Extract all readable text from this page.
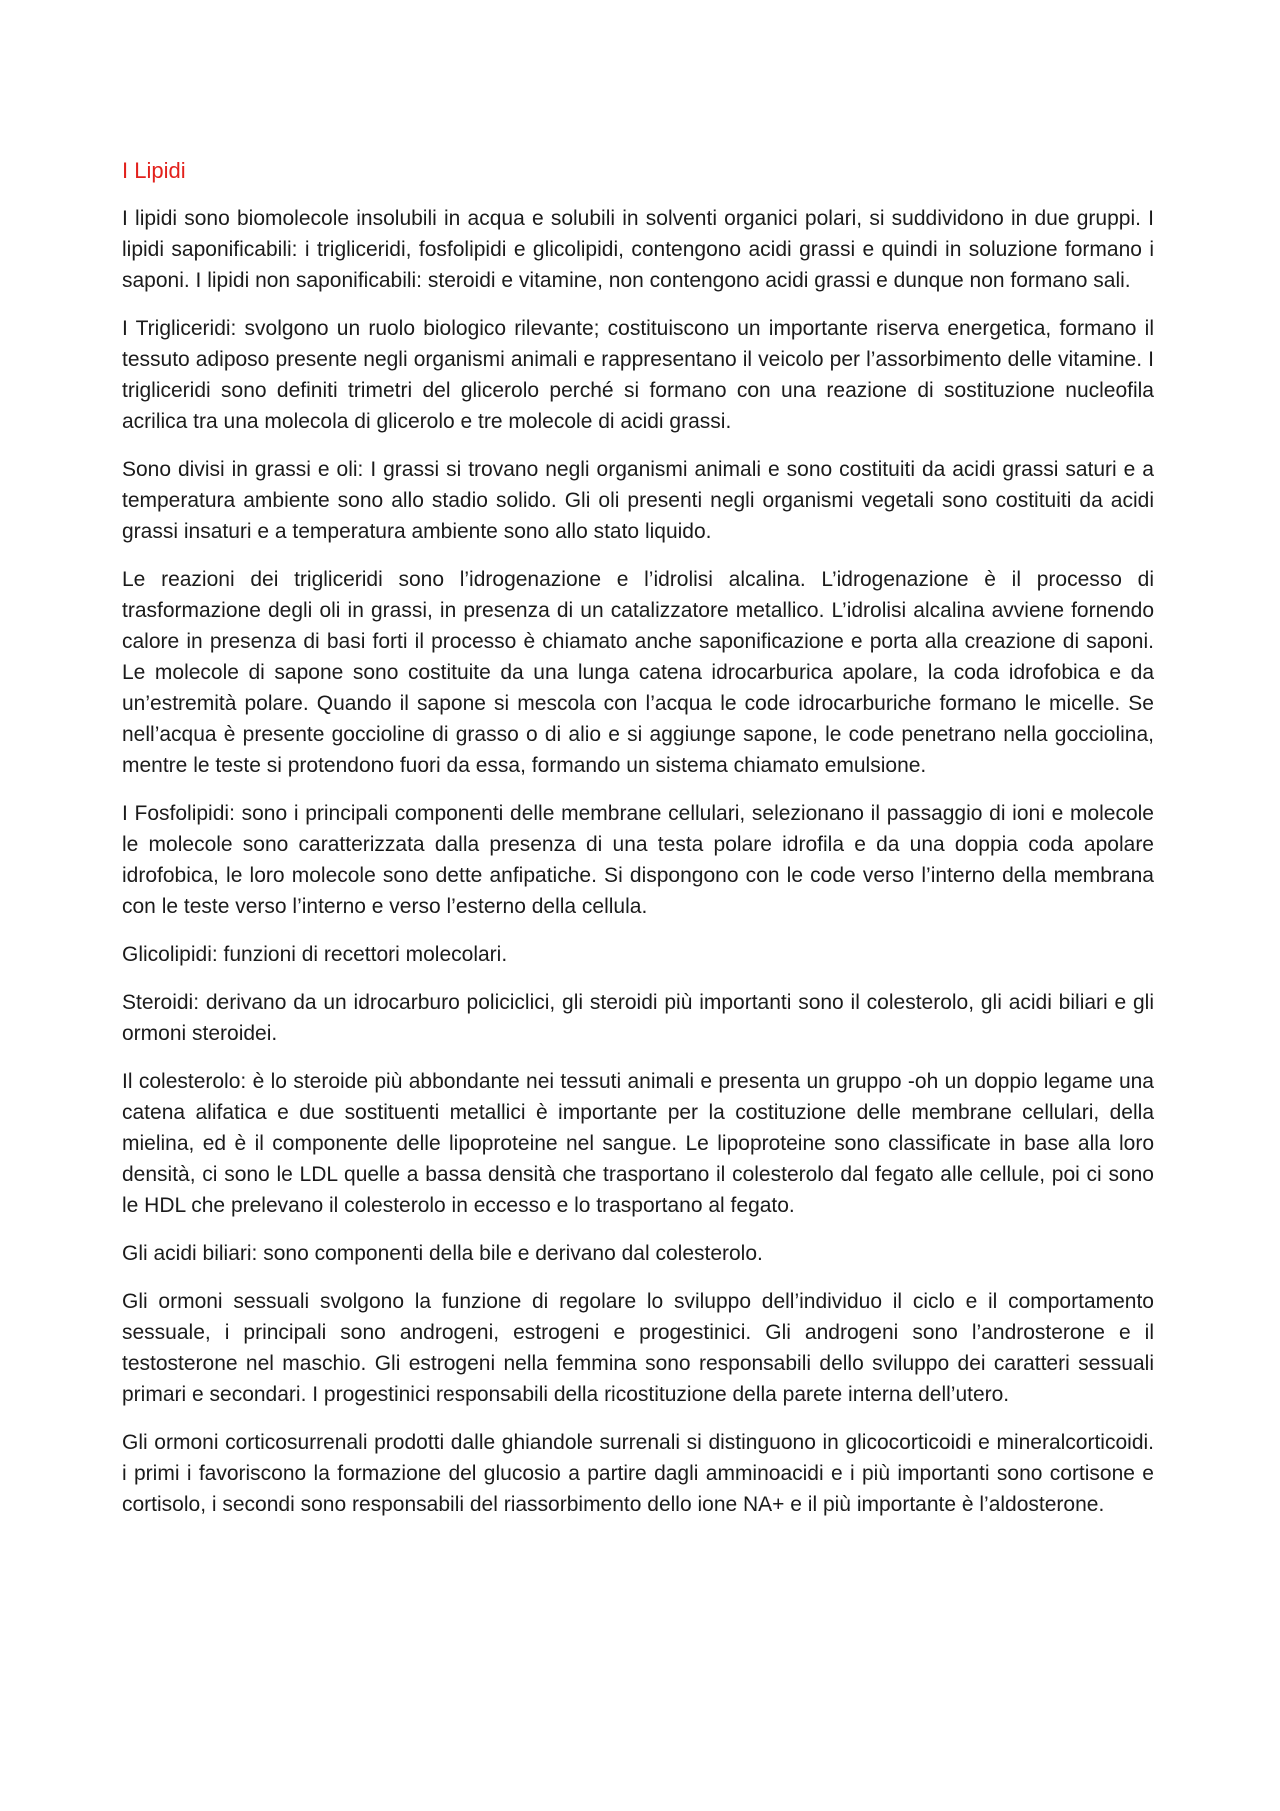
I Lipidi

I lipidi sono biomolecole insolubili in acqua e solubili in solventi organici polari, si suddividono in due gruppi. I lipidi saponificabili: i trigliceridi, fosfolipidi e glicolipidi, contengono acidi grassi e quindi in soluzione formano i saponi. I lipidi non saponificabili: steroidi e vitamine, non contengono acidi grassi e dunque non formano sali.

I Trigliceridi: svolgono un ruolo biologico rilevante; costituiscono un importante riserva energetica, formano il tessuto adiposo presente negli organismi animali e rappresentano il veicolo per l’assorbimento delle vitamine. I trigliceridi sono definiti trimetri del glicerolo perché si formano con una reazione di sostituzione nucleofila acrilica tra una molecola di glicerolo e tre molecole di acidi grassi.

Sono divisi in grassi e oli: I grassi si trovano negli organismi animali e sono costituiti da acidi grassi saturi e a temperatura ambiente sono allo stadio solido. Gli oli presenti negli organismi vegetali sono costituiti da acidi grassi insaturi e a temperatura ambiente sono allo stato liquido.

Le reazioni dei trigliceridi sono l’idrogenazione e l’idrolisi alcalina. L’idrogenazione è il processo di trasformazione degli oli in grassi, in presenza di un catalizzatore metallico. L’idrolisi alcalina avviene fornendo calore in presenza di basi forti il processo è chiamato anche saponificazione e porta alla creazione di saponi. Le molecole di sapone sono costituite da una lunga catena idrocarburica apolare, la coda idrofobica e da un’estremità polare. Quando il sapone si mescola con l’acqua le code idrocarburiche formano le micelle. Se nell’acqua è presente goccioline di grasso o di alio e si aggiunge sapone, le code penetrano nella gocciolina, mentre le teste si protendono fuori da essa, formando un sistema chiamato emulsione.

I Fosfolipidi: sono i principali componenti delle membrane cellulari, selezionano il passaggio di ioni e molecole le molecole sono caratterizzata dalla presenza di una testa polare idrofila e da una doppia coda apolare idrofobica, le loro molecole sono dette anfipatiche. Si dispongono con le code verso l’interno della membrana con le teste verso l’interno e verso l’esterno della cellula.

Glicolipidi: funzioni di recettori molecolari.

Steroidi: derivano da un idrocarburo policiclici, gli steroidi più importanti sono il colesterolo, gli acidi biliari e gli ormoni steroidei.

Il colesterolo: è lo steroide più abbondante nei tessuti animali e presenta un gruppo -oh un doppio legame una catena alifatica e due sostituenti metallici è importante per la costituzione delle membrane cellulari, della mielina, ed è il componente delle lipoproteine nel sangue. Le lipoproteine sono classificate in base alla loro densità, ci sono le LDL quelle a bassa densità che trasportano il colesterolo dal fegato alle cellule, poi ci sono le HDL che prelevano il colesterolo in eccesso e lo trasportano al fegato.

Gli acidi biliari: sono componenti della bile e derivano dal colesterolo.

Gli ormoni sessuali svolgono la funzione di regolare lo sviluppo dell’individuo il ciclo e il comportamento sessuale, i principali sono androgeni, estrogeni e progestinici. Gli androgeni sono l’androsterone e il testosterone nel maschio. Gli estrogeni nella femmina sono responsabili dello sviluppo dei caratteri sessuali primari e secondari. I progestinici responsabili della ricostituzione della parete interna dell’utero.

Gli ormoni corticosurrenali prodotti dalle ghiandole surrenali si distinguono in glicocorticoidi e mineralcorticoidi. i primi i favoriscono la formazione del glucosio a partire dagli amminoacidi e i più importanti sono cortisone e cortisolo, i secondi sono responsabili del riassorbimento dello ione NA+ e il più importante è l’aldosterone.
